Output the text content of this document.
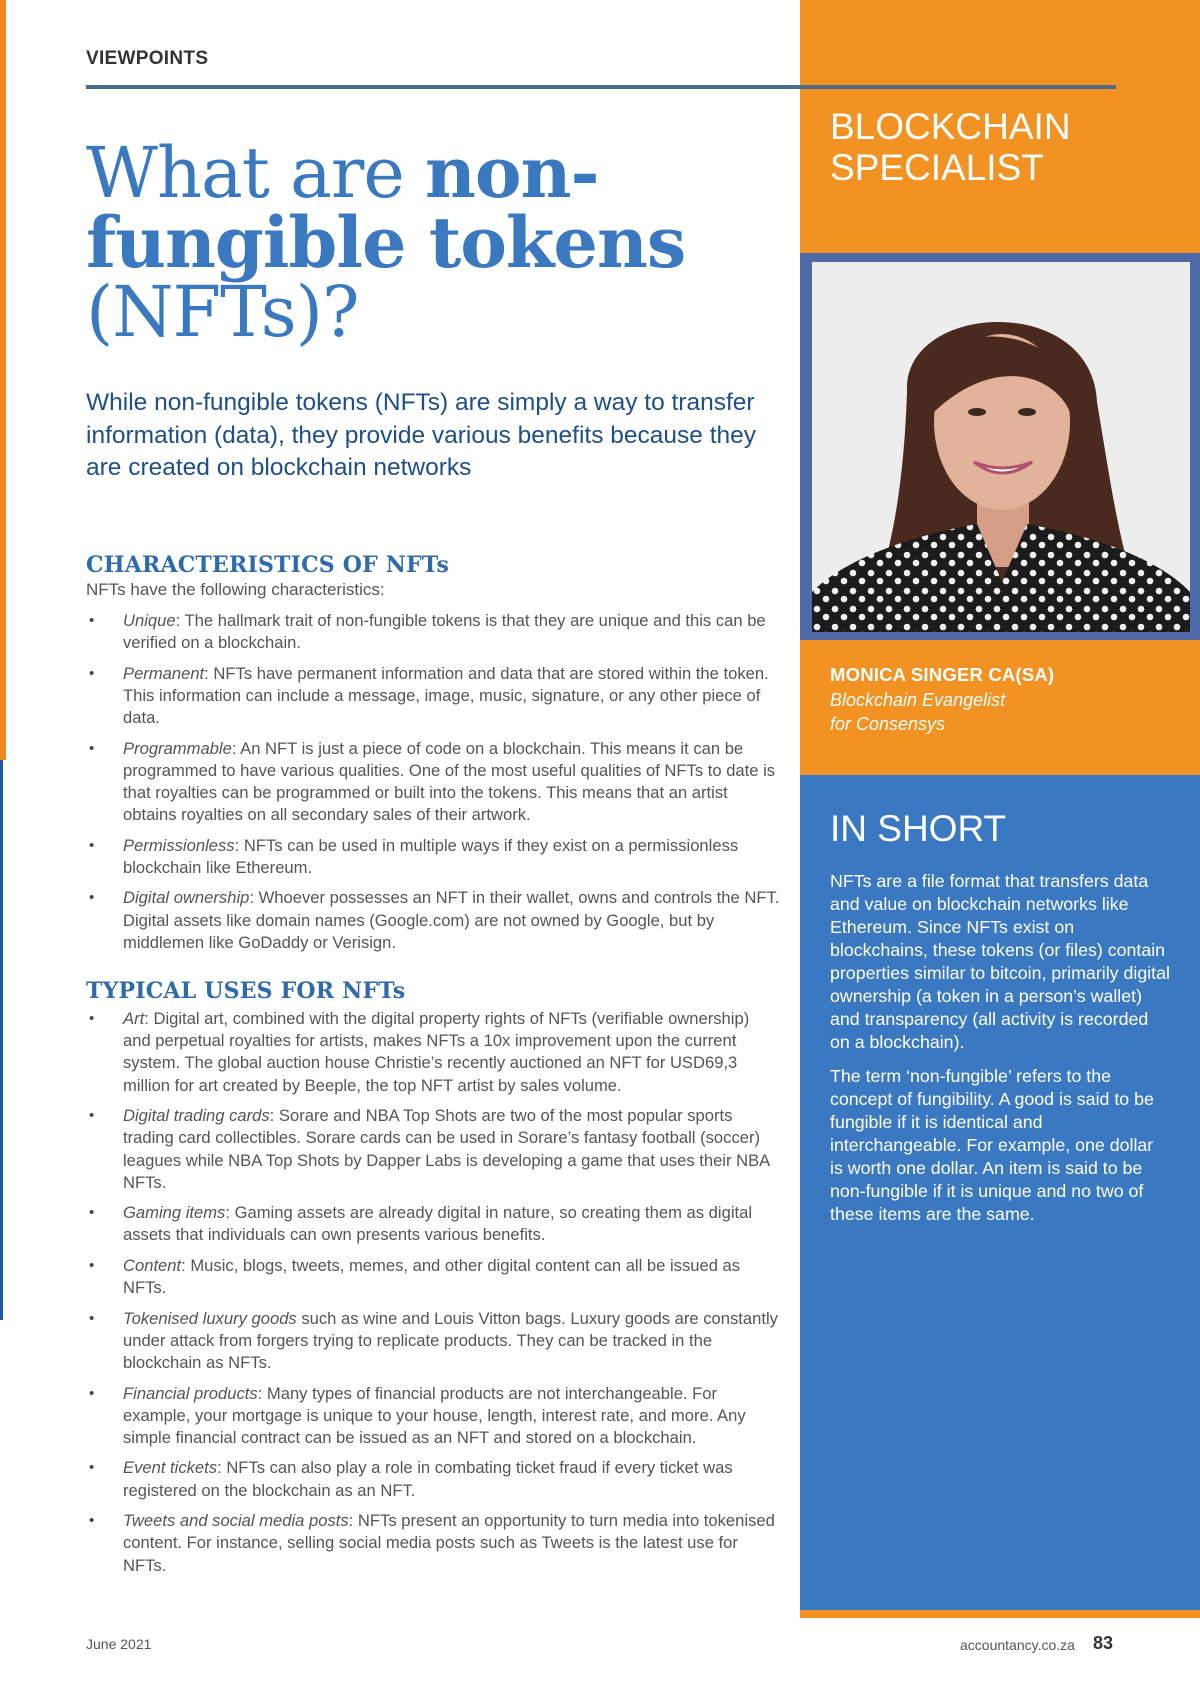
VIEWPOINTS
What are non-fungible tokens
(NFTs)?

While non-fungible tokens (NFTs) are simply a way to transfer information (data), they provide various benefits because they are created on blockchain networks

CHARACTERISTICS OF NFTs
NFTs have the following characteristics:
• Unique: The hallmark trait of non-fungible tokens is that they are unique and this can be verified on a blockchain.
• Permanent: NFTs have permanent information and data that are stored within the token. This information can include a message, image, music, signature, or any other piece of data.
• Programmable: An NFT is just a piece of code on a blockchain. This means it can be programmed to have various qualities. One of the most useful qualities of NFTs to date is that royalties can be programmed or built into the tokens. This means that an artist obtains royalties on all secondary sales of their artwork.
• Permissionless: NFTs can be used in multiple ways if they exist on a permissionless blockchain like Ethereum.
• Digital ownership: Whoever possesses an NFT in their wallet, owns and controls the NFT. Digital assets like domain names (Google.com) are not owned by Google, but by middlemen like GoDaddy or Verisign.
TYPICAL USES FOR NFTs
• Art: Digital art, combined with the digital property rights of NFTs (verifiable ownership) and perpetual royalties for artists, makes NFTs a 10x improvement upon the current system. The global auction house Christie’s recently auctioned an NFT for USD69,3 million for art created by Beeple, the top NFT artist by sales volume.
• Digital trading cards: Sorare and NBA Top Shots are two of the most popular sports trading card collectibles. Sorare cards can be used in Sorare’s fantasy football (soccer) leagues while NBA Top Shots by Dapper Labs is developing a game that uses their NBA NFTs.
• Gaming items: Gaming assets are already digital in nature, so creating them as digital assets that individuals can own presents various benefits.
• Content: Music, blogs, tweets, memes, and other digital content can all be issued as NFTs.
• Tokenised luxury goods such as wine and Louis Vitton bags. Luxury goods are constantly under attack from forgers trying to replicate products. They can be tracked in the blockchain as NFTs.
• Financial products: Many types of financial products are not interchangeable. For example, your mortgage is unique to your house, length, interest rate, and more. Any simple financial contract can be issued as an NFT and stored on a blockchain.
• Event tickets: NFTs can also play a role in combating ticket fraud if every ticket was registered on the blockchain as an NFT.
• Tweets and social media posts: NFTs present an opportunity to turn media into tokenised content. For instance, selling social media posts such as Tweets is the latest use for NFTs.
BLOCKCHAIN
SPECIALIST
MONICA SINGER CA(SA)
Blockchain Evangelist
for Consensys
IN SHORT

NFTs are a file format that transfers data and value on blockchain networks like Ethereum. Since NFTs exist on blockchains, these tokens (or files) contain properties similar to bitcoin, primarily digital ownership (a token in a person’s wallet) and transparency (all activity is recorded on a blockchain).

The term ‘non-fungible’ refers to the concept of fungibility. A good is said to be fungible if it is identical and interchangeable. For example, one dollar is worth one dollar. An item is said to be non-fungible if it is unique and no two of these items are the same.

June 2021	accountancy.co.za 83
